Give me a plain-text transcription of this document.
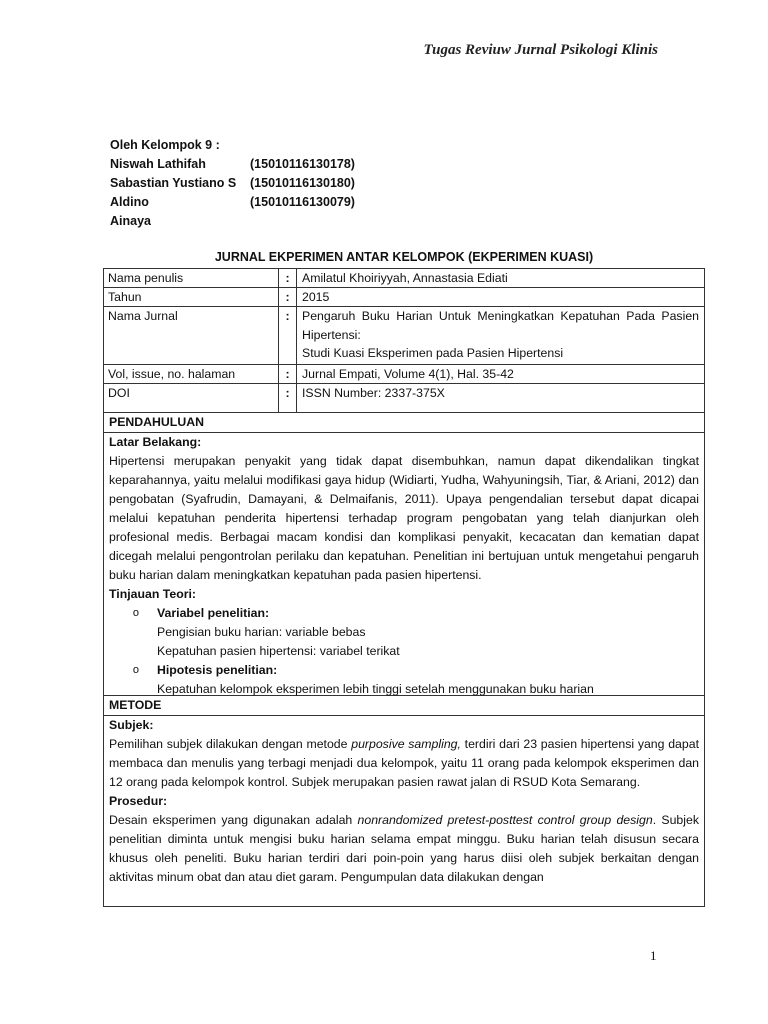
Tugas Reviuw Jurnal Psikologi Klinis
Oleh Kelompok 9 :
Niswah Lathifah	(15010116130178)
Sabastian Yustiano S	(15010116130180)
Aldino	(15010116130079)
Ainaya
JURNAL EKPERIMEN ANTAR KELOMPOK (EKPERIMEN KUASI)
Nama penulis	:	Amilatul Khoiriyyah, Annastasia Ediati
Tahun	:	2015
Nama Jurnal	:	Pengaruh Buku Harian Untuk Meningkatkan Kepatuhan Pada Pasien Hipertensi:
Studi Kuasi Eksperimen pada Pasien Hipertensi
Vol, issue, no. halaman	:	Jurnal Empati, Volume 4(1), Hal. 35-42
DOI	:	ISSN Number: 2337-375X
PENDAHULUAN
Latar Belakang:
Hipertensi merupakan penyakit yang tidak dapat disembuhkan, namun dapat dikendalikan tingkat keparahannya, yaitu melalui modifikasi gaya hidup (Widiarti, Yudha, Wahyuningsih, Tiar, & Ariani, 2012) dan pengobatan (Syafrudin, Damayani, & Delmaifanis, 2011). Upaya pengendalian tersebut dapat dicapai melalui kepatuhan penderita hipertensi terhadap program pengobatan yang telah dianjurkan oleh profesional medis. Berbagai macam kondisi dan komplikasi penyakit, kecacatan dan kematian dapat dicegah melalui pengontrolan perilaku dan kepatuhan. Penelitian ini bertujuan untuk mengetahui pengaruh buku harian dalam meningkatkan kepatuhan pada pasien hipertensi.
Tinjauan Teori:
o	Variabel penelitian:
Pengisian buku harian: variable bebas
Kepatuhan pasien hipertensi: variabel terikat
o	Hipotesis penelitian:
Kepatuhan kelompok eksperimen lebih tinggi setelah menggunakan buku harian
METODE
Subjek:
Pemilihan subjek dilakukan dengan metode purposive sampling, terdiri dari 23 pasien hipertensi yang dapat membaca dan menulis yang terbagi menjadi dua kelompok, yaitu 11 orang pada kelompok eksperimen dan 12 orang pada kelompok kontrol. Subjek merupakan pasien rawat jalan di RSUD Kota Semarang.
Prosedur:
Desain eksperimen yang digunakan adalah nonrandomized pretest-posttest control group design. Subjek penelitian diminta untuk mengisi buku harian selama empat minggu. Buku harian telah disusun secara khusus oleh peneliti. Buku harian terdiri dari poin-poin yang harus diisi oleh subjek berkaitan dengan aktivitas minum obat dan atau diet garam. Pengumpulan data dilakukan dengan
1
